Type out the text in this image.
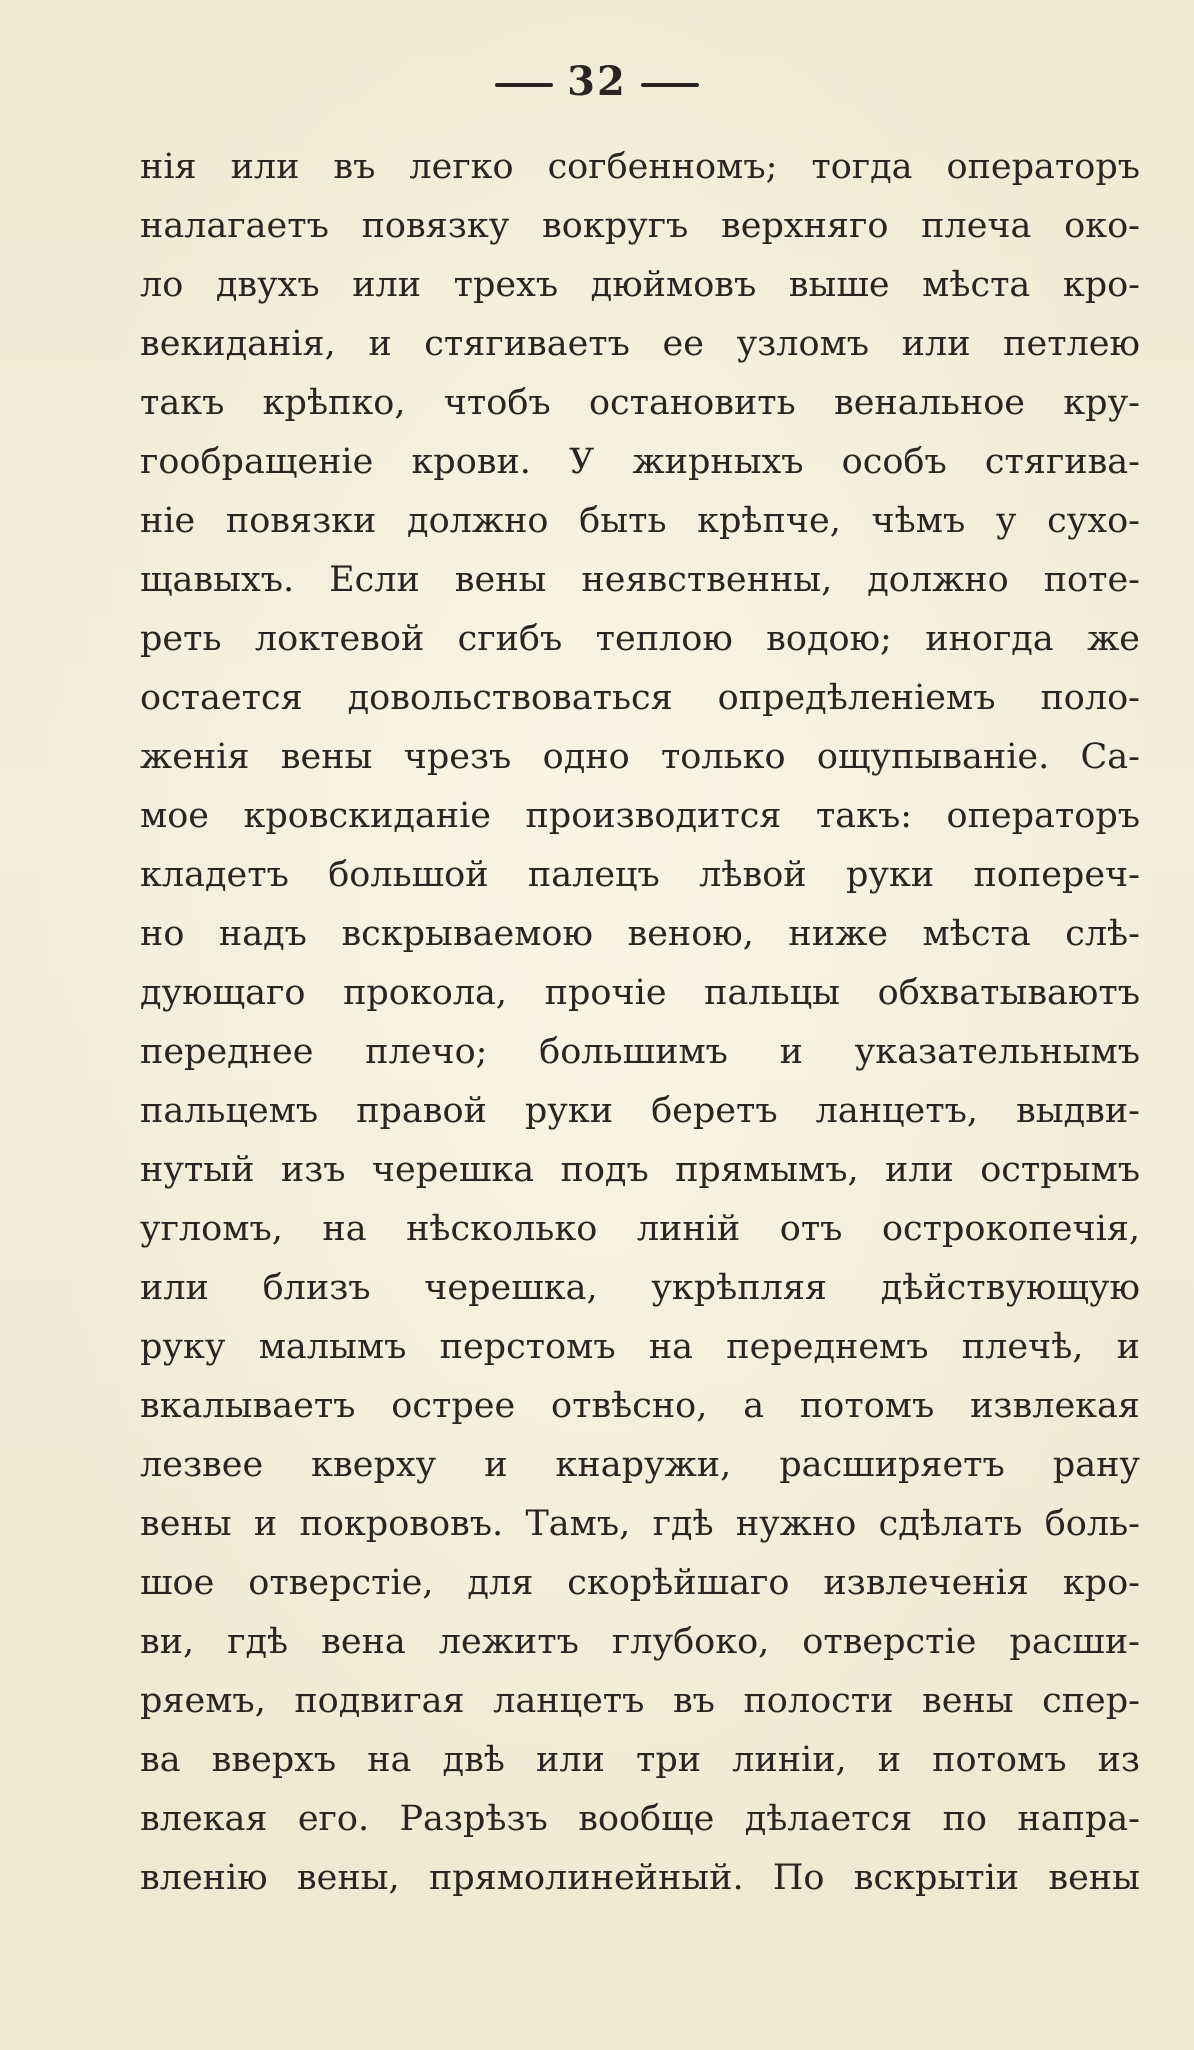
32
нія или въ легко согбенномъ; тогда операторъ
налагаетъ повязку вокругъ верхняго плеча око-
ло двухъ или трехъ дюймовъ выше мѣста кро-
векиданія, и стягиваетъ ее узломъ или петлею
такъ крѣпко, чтобъ остановить венальное кру-
гообращеніе крови. У жирныхъ особъ стягива-
ніе повязки должно быть крѣпче, чѣмъ у сухо-
щавыхъ. Если вены неявственны, должно поте-
реть локтевой сгибъ теплою водою; иногда же
остается довольствоваться опредѣленіемъ поло-
женія вены чрезъ одно только ощупываніе. Са-
мое кровскиданіе производится такъ: операторъ
кладетъ большой палецъ лѣвой руки попереч-
но надъ вскрываемою веною, ниже мѣста слѣ-
дующаго прокола, прочіе пальцы обхватываютъ
переднее плечо; большимъ и указательнымъ
пальцемъ правой руки беретъ ланцетъ, выдви-
нутый изъ черешка подъ прямымъ, или острымъ
угломъ, на нѣсколько линій отъ острокопечія,
или близъ черешка, укрѣпляя дѣйствующую
руку малымъ перстомъ на переднемъ плечѣ, и
вкалываетъ острее отвѣсно, а потомъ извлекая
лезвее кверху и кнаружи, расширяетъ рану
вены и покрововъ. Тамъ, гдѣ нужно сдѣлать боль-
шое отверстіе, для скорѣйшаго извлеченія кро-
ви, гдѣ вена лежитъ глубоко, отверстіе расши-
ряемъ, подвигая ланцетъ въ полости вены спер-
ва вверхъ на двѣ или три линіи, и потомъ из
влекая его. Разрѣзъ вообще дѣлается по напра-
вленію вены, прямолинейный. По вскрытіи вены
